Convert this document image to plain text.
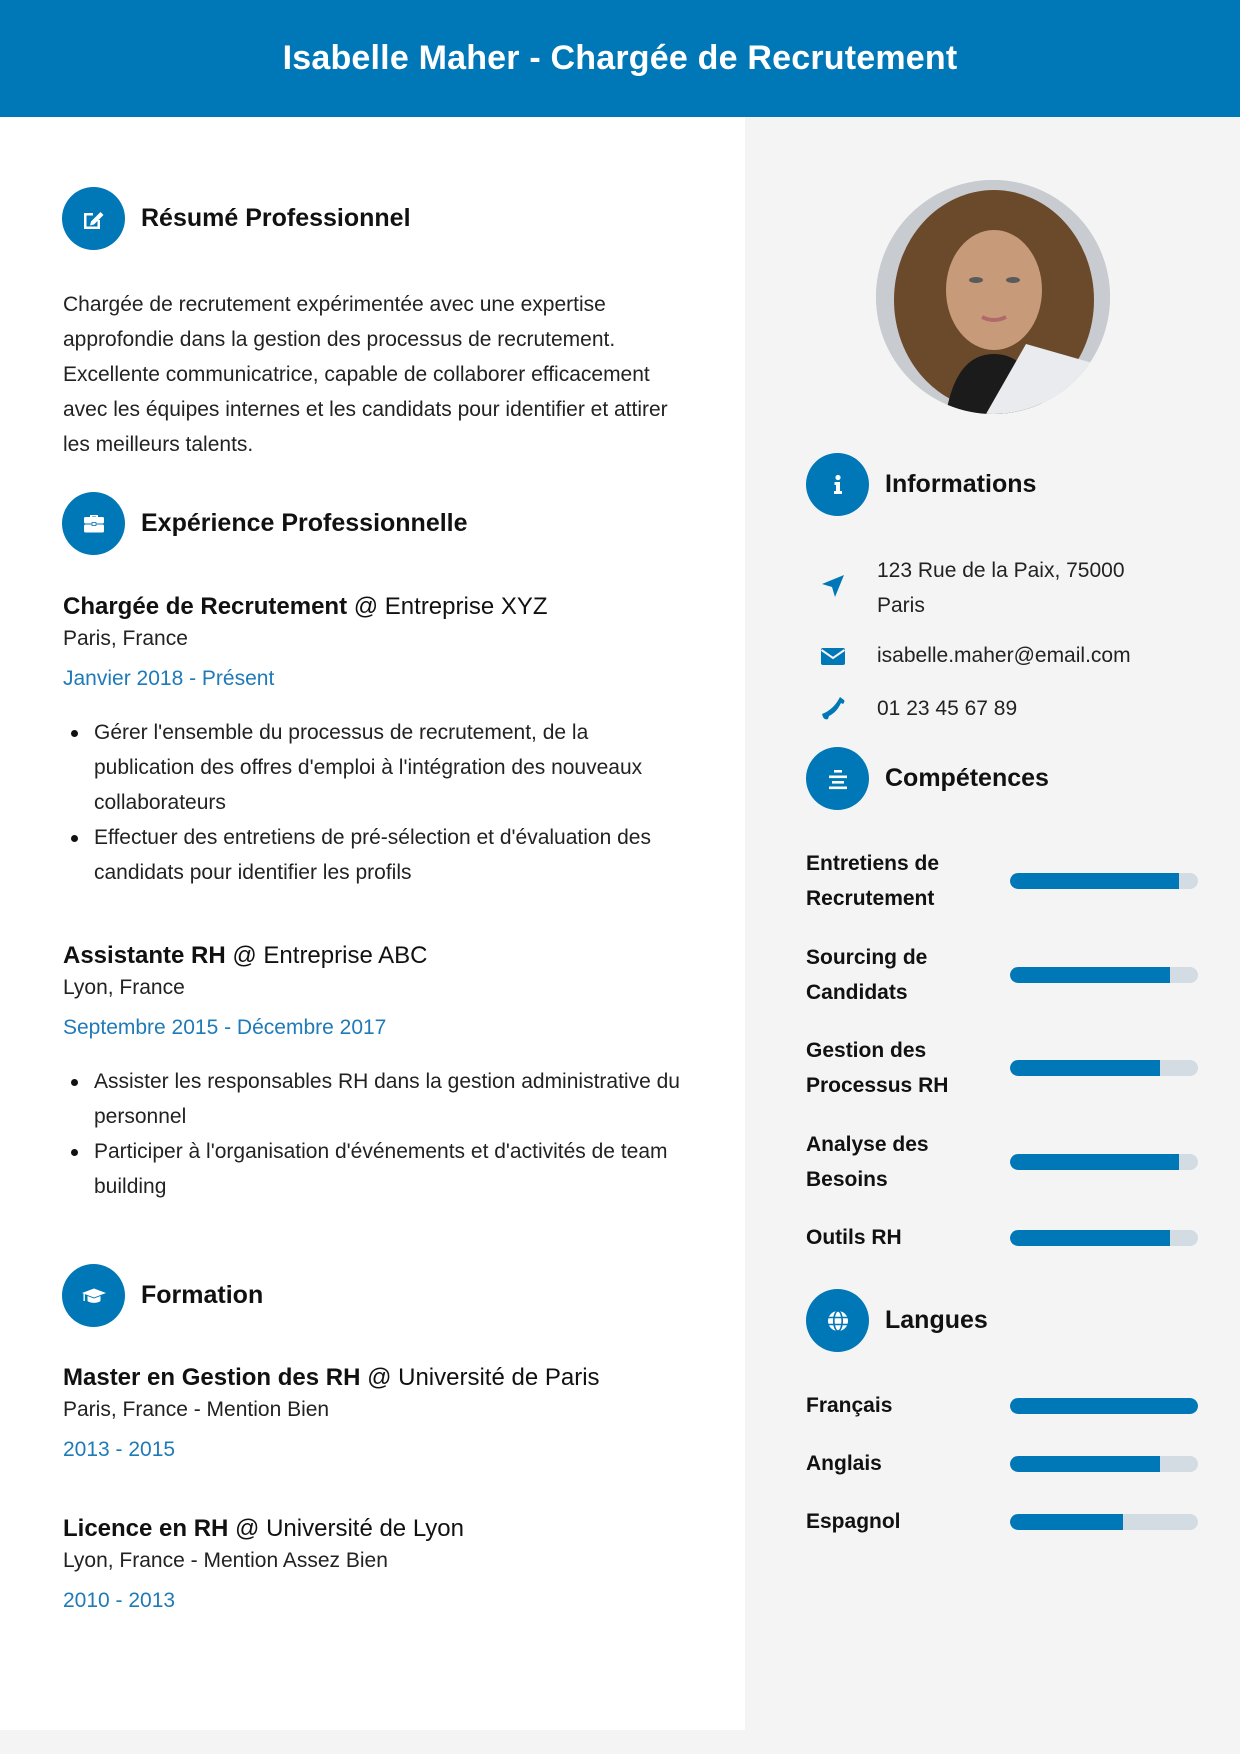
Isabelle Maher - Chargée de Recrutement
Résumé Professionnel
Chargée de recrutement expérimentée avec une expertise approfondie dans la gestion des processus de recrutement. Excellente communicatrice, capable de collaborer efficacement avec les équipes internes et les candidats pour identifier et attirer les meilleurs talents.
Expérience Professionnelle
Chargée de Recrutement @ Entreprise XYZ
Paris, France
Janvier 2018 - Présent
Gérer l'ensemble du processus de recrutement, de la publication des offres d'emploi à l'intégration des nouveaux collaborateurs
Effectuer des entretiens de pré-sélection et d'évaluation des candidats pour identifier les profils
Assistante RH @ Entreprise ABC
Lyon, France
Septembre 2015 - Décembre 2017
Assister les responsables RH dans la gestion administrative du personnel
Participer à l'organisation d'événements et d'activités de team building
Formation
Master en Gestion des RH @ Université de Paris
Paris, France - Mention Bien
2013 - 2015
Licence en RH @ Université de Lyon
Lyon, France - Mention Assez Bien
2010 - 2013
Informations
123 Rue de la Paix, 75000 Paris
isabelle.maher@email.com
01 23 45 67 89
Compétences
Entretiens de Recrutement
Sourcing de Candidats
Gestion des Processus RH
Analyse des Besoins
Outils RH
Langues
Français
Anglais
Espagnol
